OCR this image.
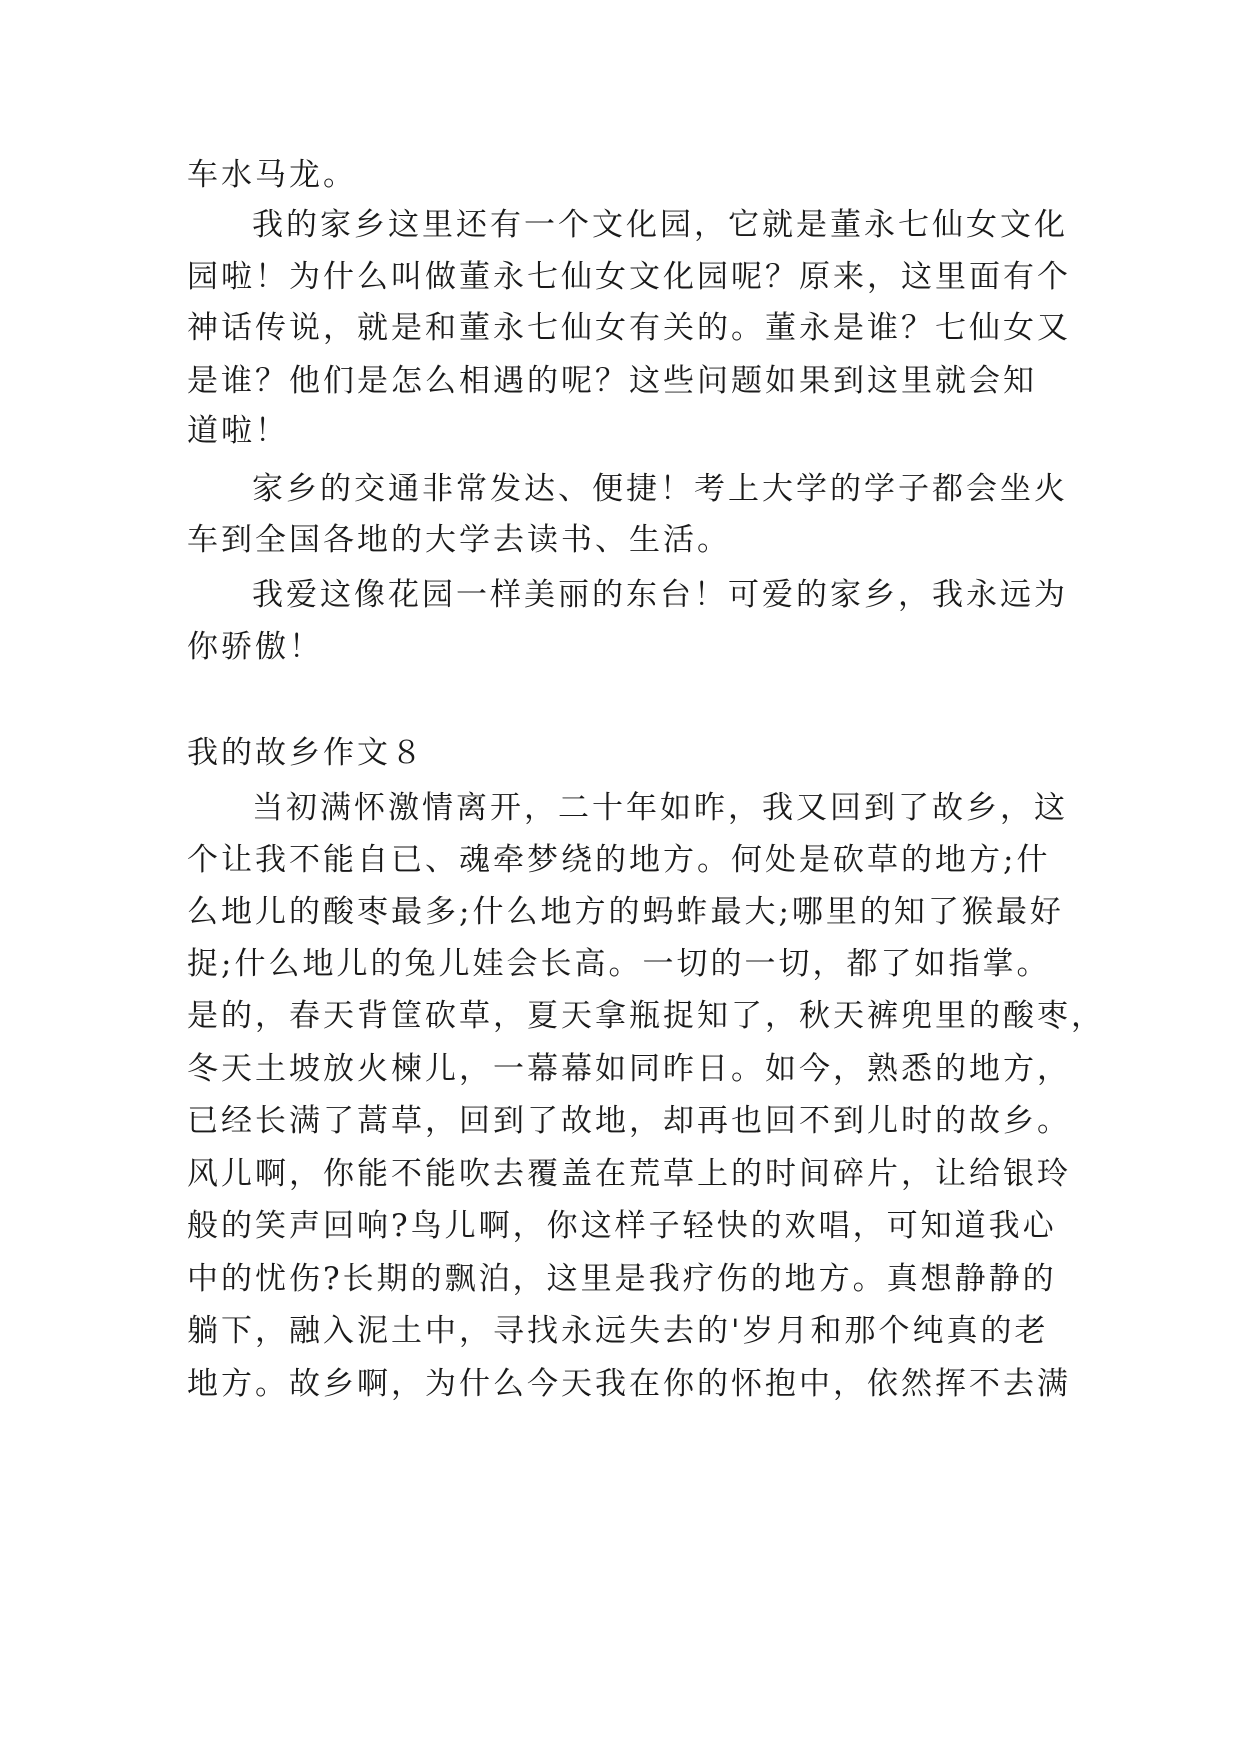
车水马龙。
我的家乡这里还有一个文化园，它就是董永七仙女文化
园啦！为什么叫做董永七仙女文化园呢？原来，这里面有个
神话传说，就是和董永七仙女有关的。董永是谁？七仙女又
是谁？他们是怎么相遇的呢？这些问题如果到这里就会知
道啦！
家乡的交通非常发达、便捷！考上大学的学子都会坐火
车到全国各地的大学去读书、生活。
我爱这像花园一样美丽的东台！可爱的家乡，我永远为
你骄傲！
我的故乡作文８
当初满怀激情离开，二十年如昨，我又回到了故乡，这
个让我不能自已、魂牵梦绕的地方。何处是砍草的地方;什
么地儿的酸枣最多;什么地方的蚂蚱最大;哪里的知了猴最好
捉;什么地儿的兔儿娃会长高。一切的一切，都了如指掌。
是的，春天背筐砍草，夏天拿瓶捉知了，秋天裤兜里的酸枣，
冬天土坡放火楝儿，一幕幕如同昨日。如今，熟悉的地方，
已经长满了蒿草，回到了故地，却再也回不到儿时的故乡。
风儿啊，你能不能吹去覆盖在荒草上的时间碎片，让给银玲
般的笑声回响?鸟儿啊，你这样子轻快的欢唱，可知道我心
中的忧伤?长期的飘泊，这里是我疗伤的地方。真想静静的
躺下，融入泥土中，寻找永远失去的'岁月和那个纯真的老
地方。故乡啊，为什么今天我在你的怀抱中，依然挥不去满
